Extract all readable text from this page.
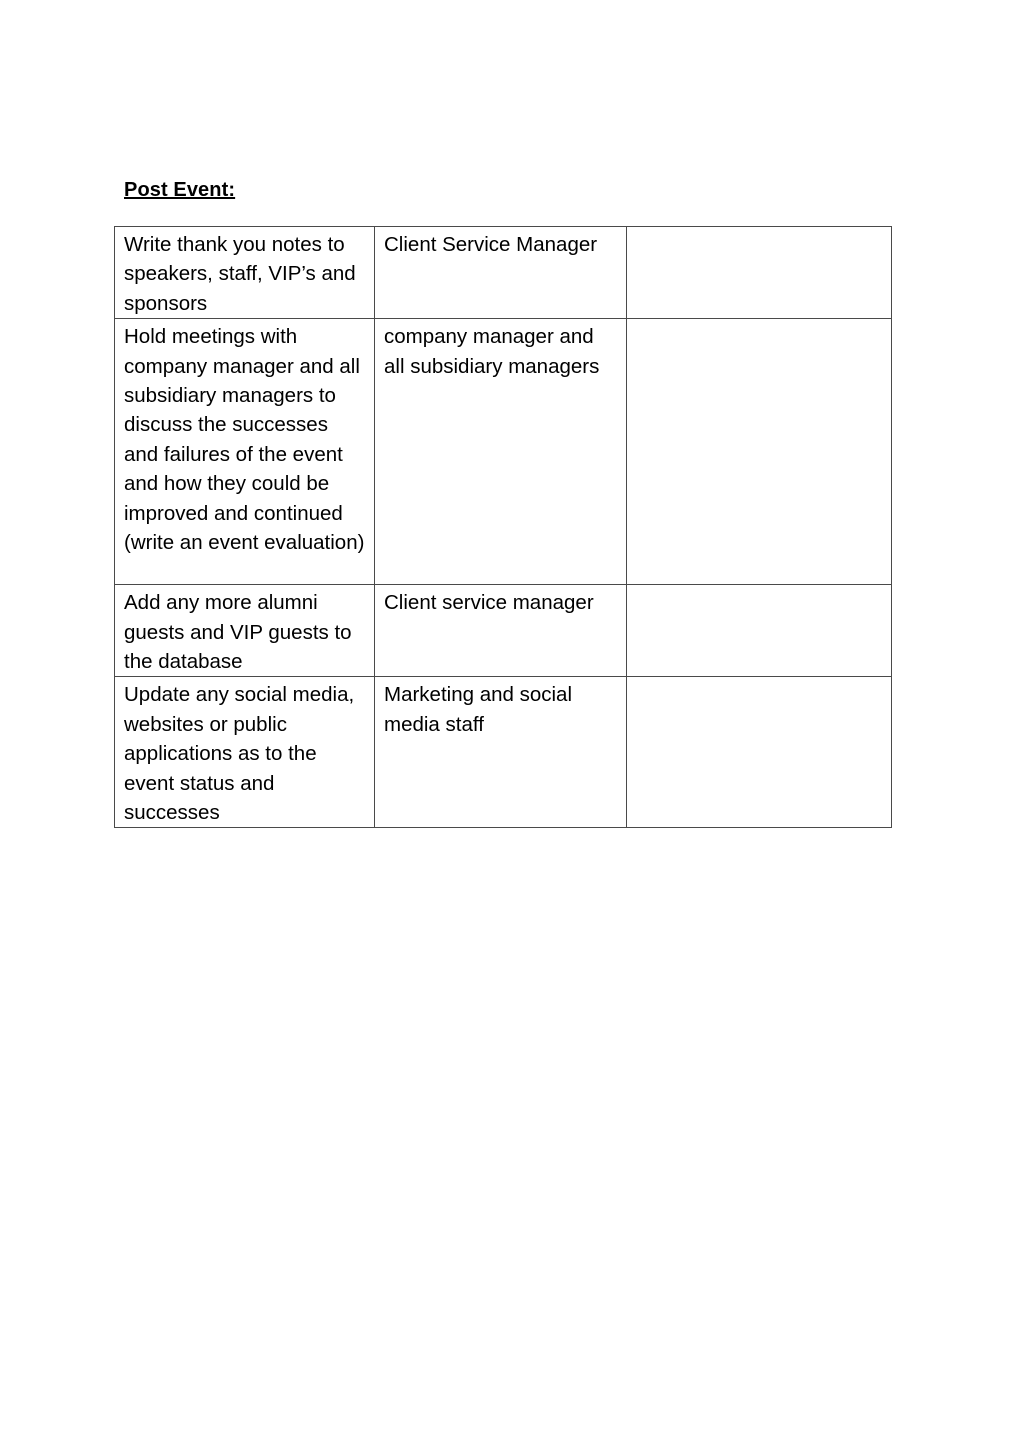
Post Event:
Write thank you notes to speakers, staff, VIP’s and sponsors	Client Service Manager	

Hold meetings with company manager and all subsidiary managers to discuss the successes and failures of the event and how they could be improved and continued (write an event evaluation)	company manager and all subsidiary managers	

Add any more alumni guests and VIP guests to the database	Client service manager	

Update any social media, websites or public applications as to the event status and successes	Marketing and social media staff	
